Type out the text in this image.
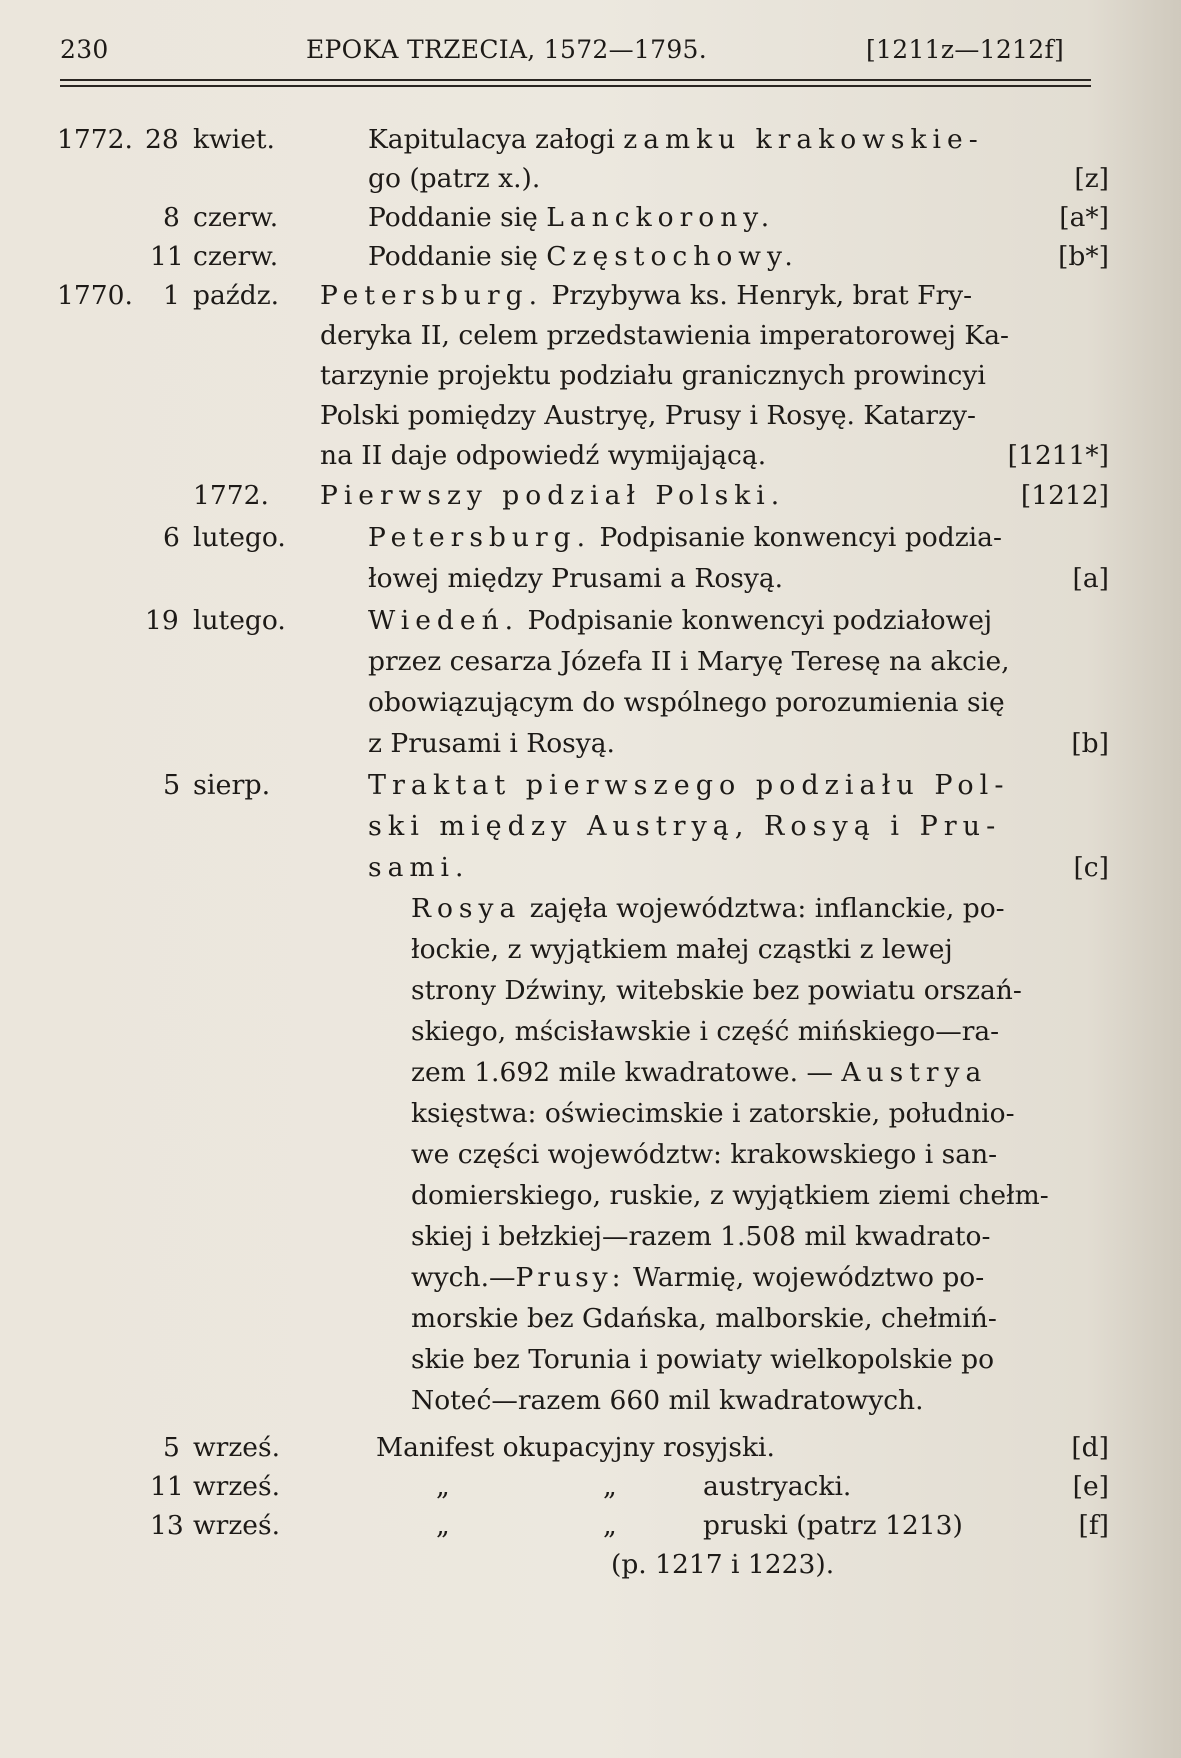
230	EPOKA TRZECIA, 1572—1795.	[1211z—1212f]
1772. 28 kwiet.	Kapitulacya załogi zamku krakowskie-
go (patrz x.).	[z]
8 czerw.	Poddanie się Lanckorony.	[a*]
11 czerw.	Poddanie się Częstochowy.	[b*]
1770. 1 paźdz. Petersburg. Przybywa ks. Henryk, brat Fry-
deryka II, celem przedstawienia imperatorowej Ka-
tarzynie projektu podziału granicznych prowincyi
Polski pomiędzy Austryę, Prusy i Rosyę. Katarzy-
na II daje odpowiedź wymijającą.	[1211*]
1772. Pierwszy podział Polski.	[1212]
6 lutego.	Petersburg. Podpisanie konwencyi podzia-
łowej między Prusami a Rosyą.	[a]
19 lutego.	Wiedeń. Podpisanie konwencyi podziałowej
przez cesarza Józefa II i Maryę Teresę na akcie,
obowiązującym do wspólnego porozumienia się
z Prusami i Rosyą.	[b]
5 sierp.	Traktat pierwszego podziału Pol-
ski między Austryą, Rosyą i Pru-
sami.	[c]
Rosya zajęła województwa: inflanckie, po-
łockie, z wyjątkiem małej cząstki z lewej
strony Dźwiny, witebskie bez powiatu orszań-
skiego, mścisławskie i część mińskiego—ra-
zem 1.692 mile kwadratowe. — Austrya
księstwa: oświecimskie i zatorskie, południo-
we części województw: krakowskiego i san-
domierskiego, ruskie, z wyjątkiem ziemi chełm-
skiej i bełzkiej—razem 1.508 mil kwadrato-
wych.—Prusy: Warmię, województwo po-
morskie bez Gdańska, malborskie, chełmiń-
skie bez Torunia i powiaty wielkopolskie po
Noteć—razem 660 mil kwadratowych.
5 wrześ.	Manifest okupacyjny rosyjski.	[d]
11 wrześ.	„	„	austryacki.	[e]
13 wrześ.	„	„	pruski (patrz 1213)	[f]
(p. 1217 i 1223).
